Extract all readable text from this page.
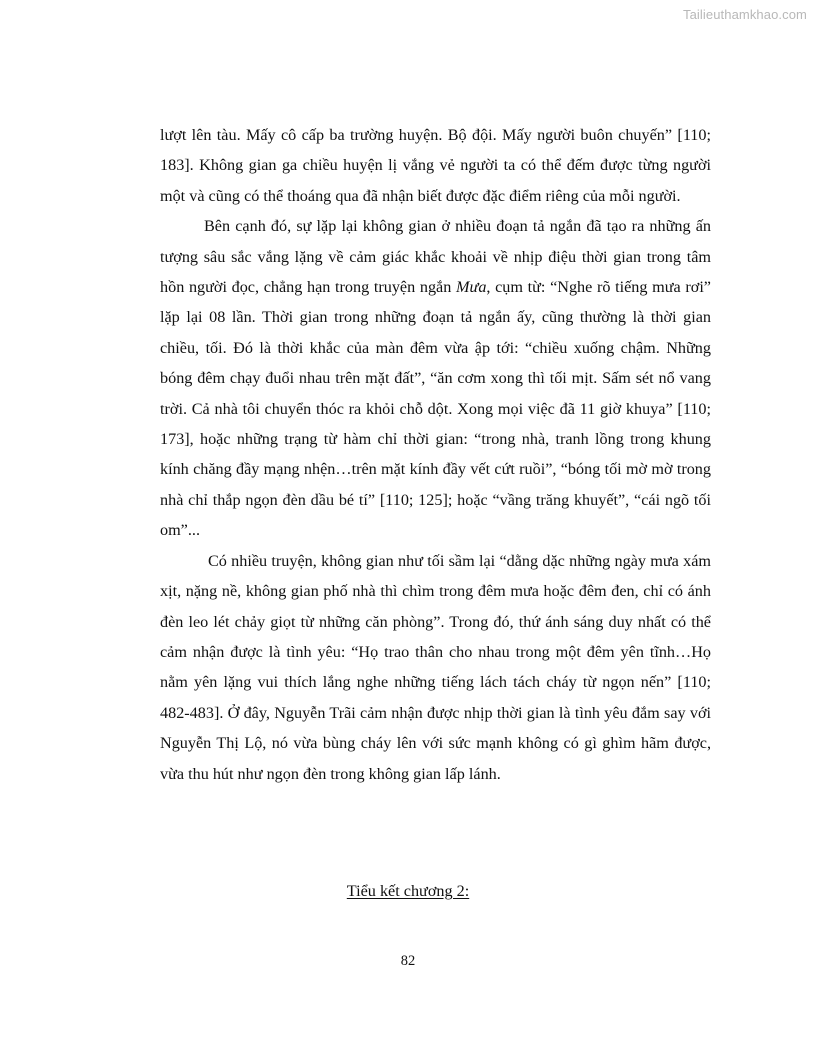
Tailieuthamkhao.com

lượt lên tàu. Mấy cô cấp ba trường huyện. Bộ đội. Mấy người buôn chuyến” [110; 183]. Không gian ga chiều huyện lị vắng vẻ người ta có thể đếm được từng người một và cũng có thể thoáng qua đã nhận biết được đặc điểm riêng của mỗi người.

Bên cạnh đó, sự lặp lại không gian ở nhiều đoạn tả ngắn đã tạo ra những ấn tượng sâu sắc vắng lặng về cảm giác khắc khoải về nhịp điệu thời gian trong tâm hồn người đọc, chẳng hạn trong truyện ngắn Mưa, cụm từ: “Nghe rõ tiếng mưa rơi” lặp lại 08 lần. Thời gian trong những đoạn tả ngắn ấy, cũng thường là thời gian chiều, tối. Đó là thời khắc của màn đêm vừa ập tới: “chiều xuống chậm. Những bóng đêm chạy đuổi nhau trên mặt đất”, “ăn cơm xong thì tối mịt. Sấm sét nổ vang trời. Cả nhà tôi chuyển thóc ra khỏi chỗ dột. Xong mọi việc đã 11 giờ khuya” [110; 173], hoặc những trạng từ hàm chỉ thời gian: “trong nhà, tranh lồng trong khung kính chăng đầy mạng nhện…trên mặt kính đầy vết cứt ruồi”, “bóng tối mờ mờ trong nhà chỉ thắp ngọn đèn dầu bé tí” [110; 125]; hoặc “vầng trăng khuyết”, “cái ngõ tối om”...

Có nhiều truyện, không gian như tối sầm lại “dằng dặc những ngày mưa xám xịt, nặng nề, không gian phố nhà thì chìm trong đêm mưa hoặc đêm đen, chỉ có ánh đèn leo lét chảy giọt từ những căn phòng”. Trong đó, thứ ánh sáng duy nhất có thể cảm nhận được là tình yêu: “Họ trao thân cho nhau trong một đêm yên tĩnh…Họ nằm yên lặng vui thích lắng nghe những tiếng lách tách cháy từ ngọn nến” [110; 482-483]. Ở đây, Nguyễn Trãi cảm nhận được nhịp thời gian là tình yêu đắm say với Nguyễn Thị Lộ, nó vừa bùng cháy lên với sức mạnh không có gì ghìm hãm được, vừa thu hút như ngọn đèn trong không gian lấp lánh.

Tiểu kết chương 2:
82
